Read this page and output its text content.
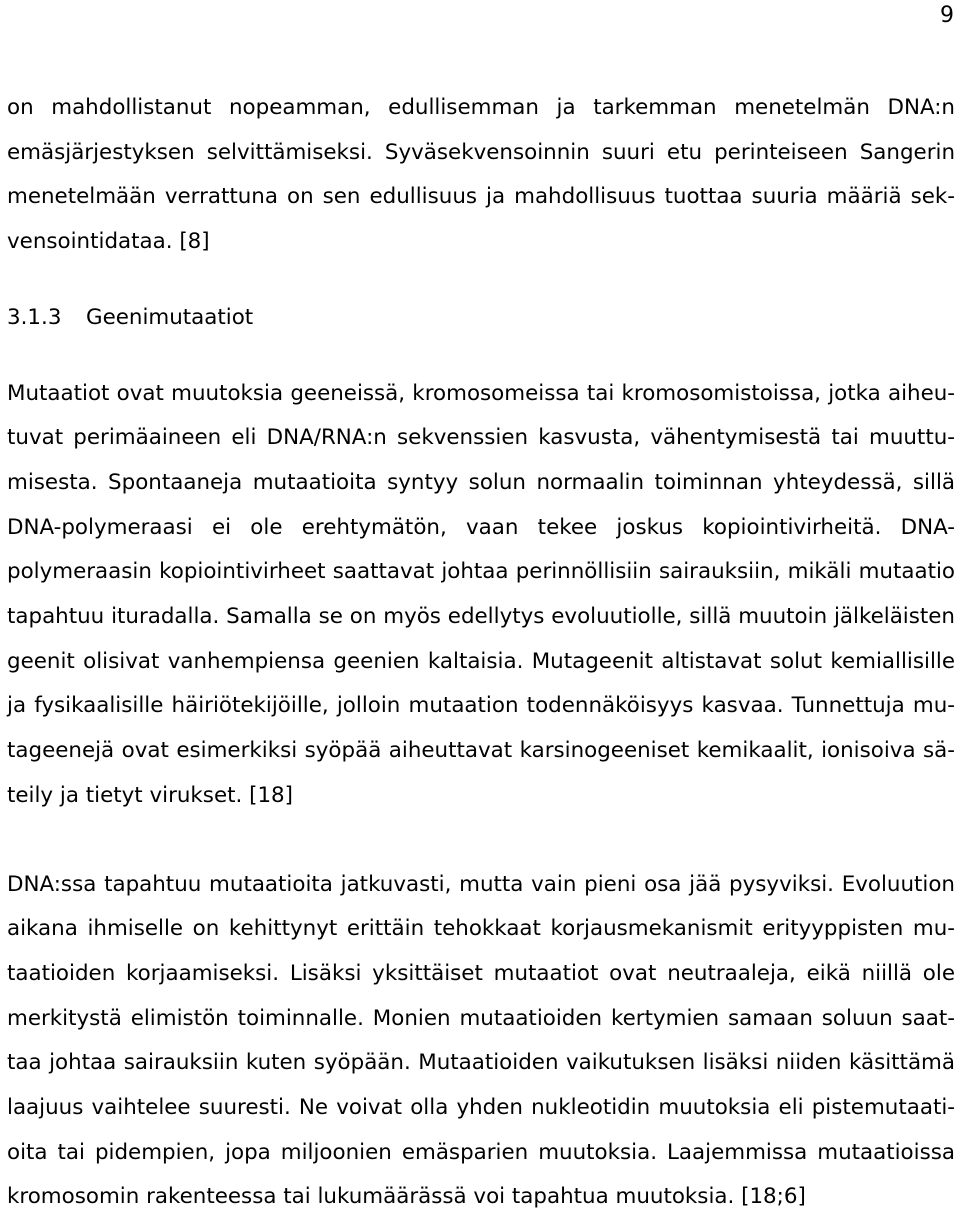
9

on mahdollistanut nopeamman, edullisemman ja tarkemman menetelmän DNA:n emäsjärjestyksen selvittämiseksi. Syväsekvensoinnin suuri etu perinteiseen Sangerin menetelmään verrattuna on sen edullisuus ja mahdollisuus tuottaa suuria määriä sekvensointidataa. [8]

3.1.3 Geenimutaatiot

Mutaatiot ovat muutoksia geeneissä, kromosomeissa tai kromosomistoissa, jotka aiheutuvat perimäaineen eli DNA/RNA:n sekvenssien kasvusta, vähentymisestä tai muuttumisesta. Spontaaneja mutaatioita syntyy solun normaalin toiminnan yhteydessä, sillä DNA-polymeraasi ei ole erehtymätön, vaan tekee joskus kopiointivirheitä. DNA-polymeraasin kopiointivirheet saattavat johtaa perinnöllisiin sairauksiin, mikäli mutaatio tapahtuu ituradalla. Samalla se on myös edellytys evoluutiolle, sillä muutoin jälkeläisten geenit olisivat vanhempiensa geenien kaltaisia. Mutageenit altistavat solut kemiallisille ja fysikaalisille häiriötekijöille, jolloin mutaation todennäköisyys kasvaa. Tunnettuja mutageenejä ovat esimerkiksi syöpää aiheuttavat karsinogeeniset kemikaalit, ionisoiva säteily ja tietyt virukset. [18]

DNA:ssa tapahtuu mutaatioita jatkuvasti, mutta vain pieni osa jää pysyviksi. Evoluution aikana ihmiselle on kehittynyt erittäin tehokkaat korjausmekanismit erityyppisten mutaatioiden korjaamiseksi. Lisäksi yksittäiset mutaatiot ovat neutraaleja, eikä niillä ole merkitystä elimistön toiminnalle. Monien mutaatioiden kertymien samaan soluun saattaa johtaa sairauksiin kuten syöpään. Mutaatioiden vaikutuksen lisäksi niiden käsittämä laajuus vaihtelee suuresti. Ne voivat olla yhden nukleotidin muutoksia eli pistemutaatioita tai pidempien, jopa miljoonien emäsparien muutoksia. Laajemmissa mutaatioissa kromosomin rakenteessa tai lukumäärässä voi tapahtua muutoksia. [18;6]
